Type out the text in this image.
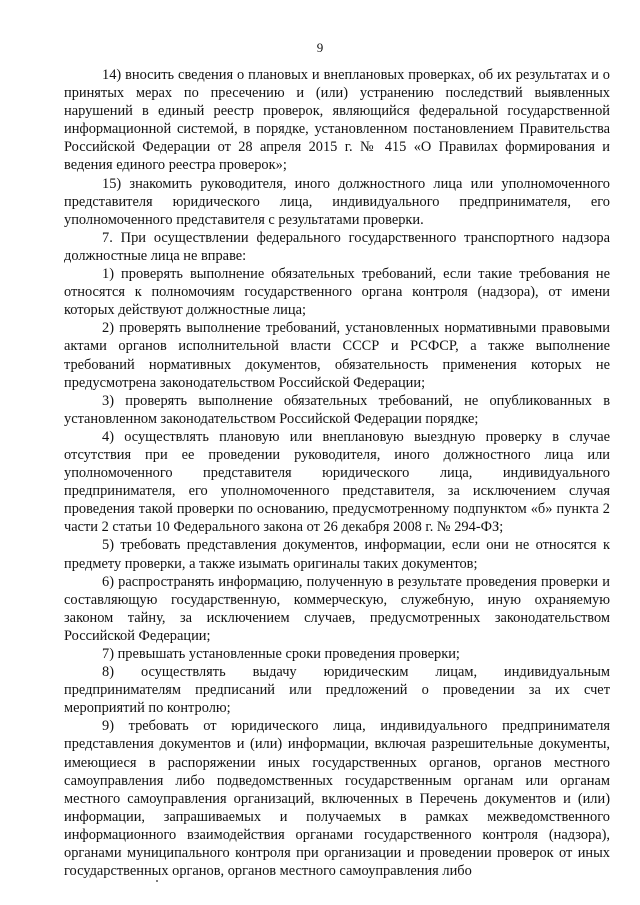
9

14) вносить сведения о плановых и внеплановых проверках, об их результатах и о принятых мерах по пресечению и (или) устранению последствий выявленных нарушений в единый реестр проверок, являющийся федеральной государственной информационной системой, в порядке, установленном постановлением Правительства Российской Федерации от 28 апреля 2015 г. № 415 «О Правилах формирования и ведения единого реестра проверок»;

15) знакомить руководителя, иного должностного лица или уполномоченного представителя юридического лица, индивидуального предпринимателя, его уполномоченного представителя с результатами проверки.

7. При осуществлении федерального государственного транспортного надзора должностные лица не вправе:

1) проверять выполнение обязательных требований, если такие требования не относятся к полномочиям государственного органа контроля (надзора), от имени которых действуют должностные лица;

2) проверять выполнение требований, установленных нормативными правовыми актами органов исполнительной власти СССР и РСФСР, а также выполнение требований нормативных документов, обязательность применения которых не предусмотрена законодательством Российской Федерации;

3) проверять выполнение обязательных требований, не опубликованных в установленном законодательством Российской Федерации порядке;

4) осуществлять плановую или внеплановую выездную проверку в случае отсутствия при ее проведении руководителя, иного должностного лица или уполномоченного представителя юридического лица, индивидуального предпринимателя, его уполномоченного представителя, за исключением случая проведения такой проверки по основанию, предусмотренному подпунктом «б» пункта 2 части 2 статьи 10 Федерального закона от 26 декабря 2008 г. № 294-ФЗ;

5) требовать представления документов, информации, если они не относятся к предмету проверки, а также изымать оригиналы таких документов;

6) распространять информацию, полученную в результате проведения проверки и составляющую государственную, коммерческую, служебную, иную охраняемую законом тайну, за исключением случаев, предусмотренных законодательством Российской Федерации;

7) превышать установленные сроки проведения проверки;

8) осуществлять выдачу юридическим лицам, индивидуальным предпринимателям предписаний или предложений о проведении за их счет мероприятий по контролю;

9) требовать от юридического лица, индивидуального предпринимателя представления документов и (или) информации, включая разрешительные документы, имеющиеся в распоряжении иных государственных органов, органов местного самоуправления либо подведомственных государственным органам или органам местного самоуправления организаций, включенных в Перечень документов и (или) информации, запрашиваемых и получаемых в рамках межведомственного информационного взаимодействия органами государственного контроля (надзора), органами муниципального контроля при организации и проведении проверок от иных государственных органов, органов местного самоуправления либо
